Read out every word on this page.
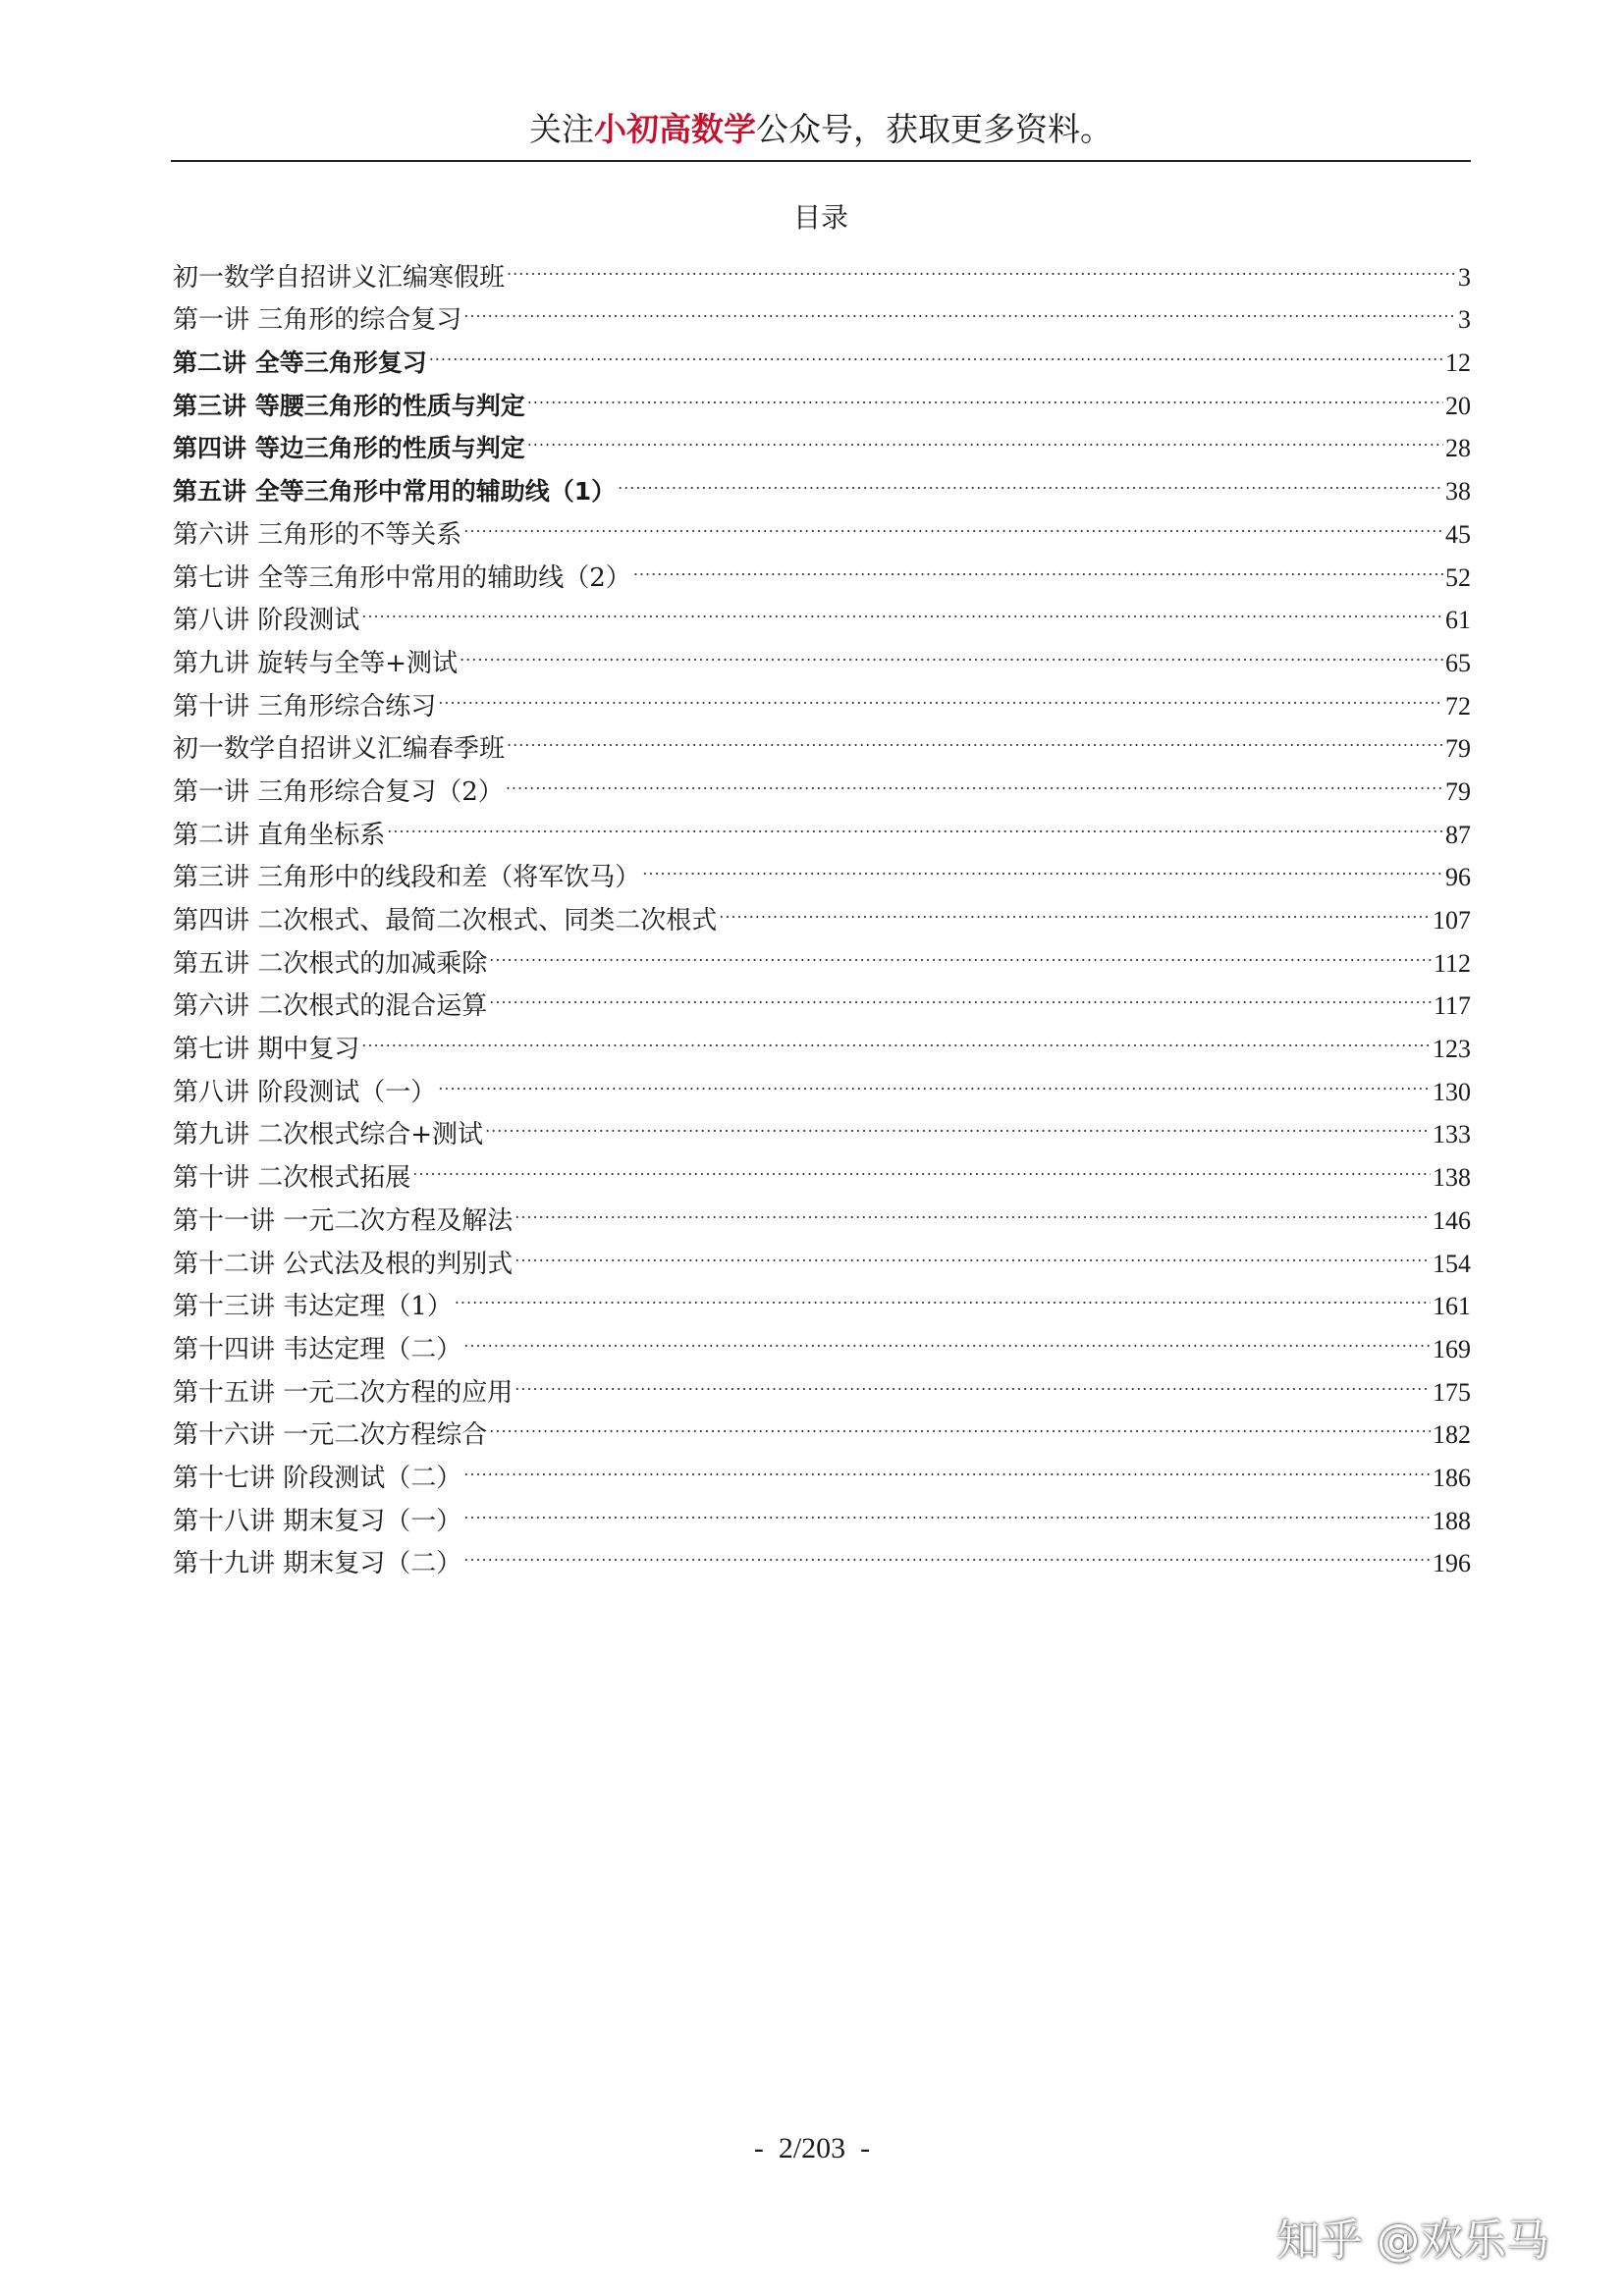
关注小初高数学公众号，获取更多资料。
目录
初一数学自招讲义汇编寒假班 .....	3
第一讲 三角形的综合复习 .....	3
第二讲 全等三角形复习 .....	12
第三讲 等腰三角形的性质与判定 .....	20
第四讲 等边三角形的性质与判定 .....	28
第五讲 全等三角形中常用的辅助线（1） .....	38
第六讲 三角形的不等关系 .....	45
第七讲 全等三角形中常用的辅助线（2） .....	52
第八讲 阶段测试 .....	61
第九讲 旋转与全等+测试 .....	65
第十讲 三角形综合练习 .....	72
初一数学自招讲义汇编春季班 .....	79
第一讲 三角形综合复习（2） .....	79
第二讲 直角坐标系 .....	87
第三讲 三角形中的线段和差（将军饮马） .....	96
第四讲 二次根式、最简二次根式、同类二次根式 .....	107
第五讲 二次根式的加减乘除 .....	112
第六讲 二次根式的混合运算 .....	117
第七讲 期中复习 .....	123
第八讲 阶段测试（一） .....	130
第九讲 二次根式综合+测试 .....	133
第十讲 二次根式拓展 .....	138
第十一讲 一元二次方程及解法 .....	146
第十二讲 公式法及根的判别式 .....	154
第十三讲 韦达定理（1） .....	161
第十四讲 韦达定理（二） .....	169
第十五讲 一元二次方程的应用 .....	175
第十六讲 一元二次方程综合 .....	182
第十七讲 阶段测试（二） .....	186
第十八讲 期末复习（一） .....	188
第十九讲 期末复习（二） .....	196
-  2/203  -
知乎 @欢乐马
